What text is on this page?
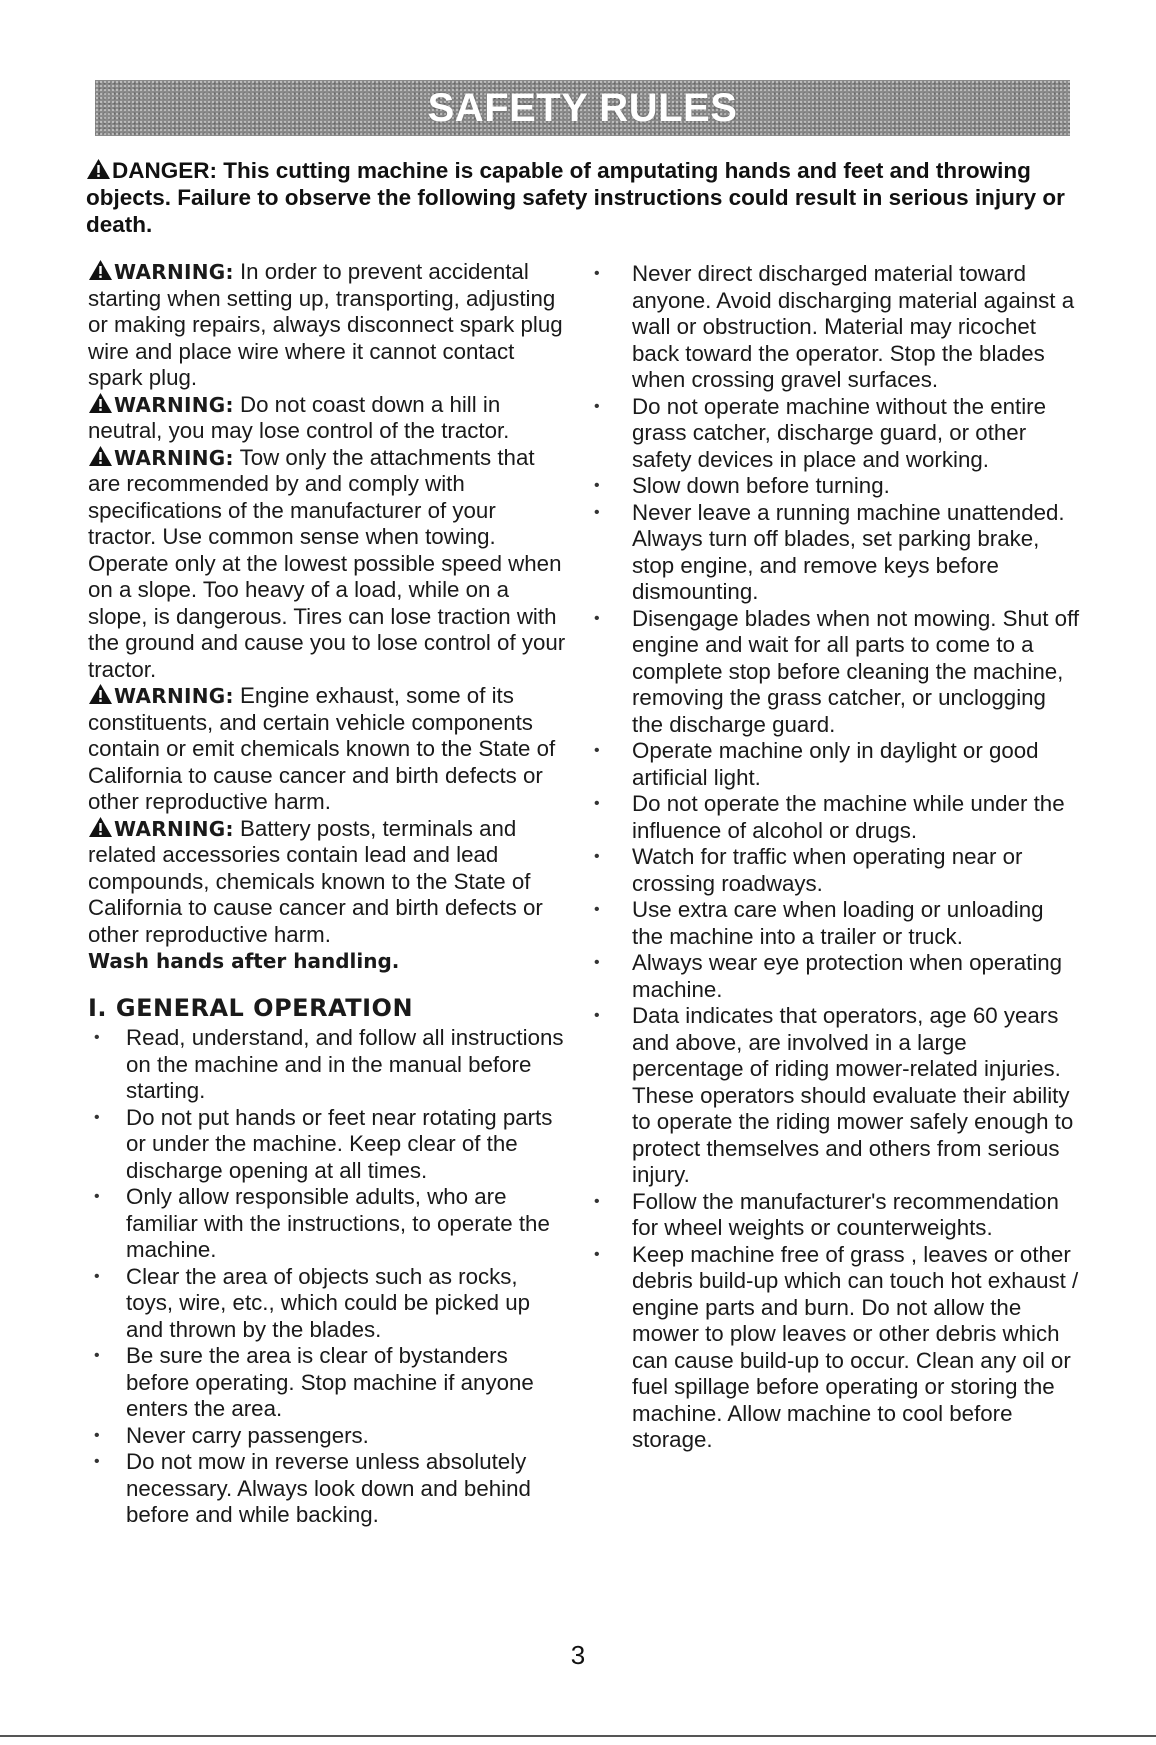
SAFETY RULES
DANGER: This cutting machine is capable of amputating hands and feet and throwing objects. Failure to observe the following safety instructions could result in serious injury or death.

WARNING: In order to prevent accidental starting when setting up, transporting, adjusting or making repairs, always disconnect spark plug wire and place wire where it cannot contact spark plug.

WARNING: Do not coast down a hill in neutral, you may lose control of the tractor.

WARNING: Tow only the attachments that are recommended by and comply with specifications of the manufacturer of your tractor. Use common sense when towing. Operate only at the lowest possible speed when on a slope. Too heavy of a load, while on a slope, is dangerous. Tires can lose traction with the ground and cause you to lose control of your tractor.

WARNING: Engine exhaust, some of its constituents, and certain vehicle components contain or emit chemicals known to the State of California to cause cancer and birth defects or other reproductive harm.

WARNING: Battery posts, terminals and related accessories contain lead and lead compounds, chemicals known to the State of California to cause cancer and birth defects or other reproductive harm.
Wash hands after handling.

I. GENERAL OPERATION
• Read, understand, and follow all instructions on the machine and in the manual before starting.
• Do not put hands or feet near rotating parts or under the machine. Keep clear of the discharge opening at all times.
• Only allow responsible adults, who are familiar with the instructions, to operate the machine.
• Clear the area of objects such as rocks, toys, wire, etc., which could be picked up and thrown by the blades.
• Be sure the area is clear of bystanders before operating. Stop machine if anyone enters the area.
• Never carry passengers.
• Do not mow in reverse unless absolutely necessary. Always look down and behind before and while backing.
• Never direct discharged material toward anyone. Avoid discharging material against a wall or obstruction. Material may ricochet back toward the operator. Stop the blades when crossing gravel surfaces.
• Do not operate machine without the entire grass catcher, discharge guard, or other safety devices in place and working.
• Slow down before turning.
• Never leave a running machine unattended. Always turn off blades, set parking brake, stop engine, and remove keys before dismounting.
• Disengage blades when not mowing. Shut off engine and wait for all parts to come to a complete stop before cleaning the machine, removing the grass catcher, or unclogging the discharge guard.
• Operate machine only in daylight or good artificial light.
• Do not operate the machine while under the influence of alcohol or drugs.
• Watch for traffic when operating near or crossing roadways.
• Use extra care when loading or unloading the machine into a trailer or truck.
• Always wear eye protection when operating machine.
• Data indicates that operators, age 60 years and above, are involved in a large percentage of riding mower-related injuries. These operators should evaluate their ability to operate the riding mower safely enough to protect themselves and others from serious injury.
• Follow the manufacturer's recommendation for wheel weights or counterweights.
• Keep machine free of grass , leaves or other debris build-up which can touch hot exhaust / engine parts and burn. Do not allow the mower to plow leaves or other debris which can cause build-up to occur. Clean any oil or fuel spillage before operating or storing the machine. Allow machine to cool before storage.
3
